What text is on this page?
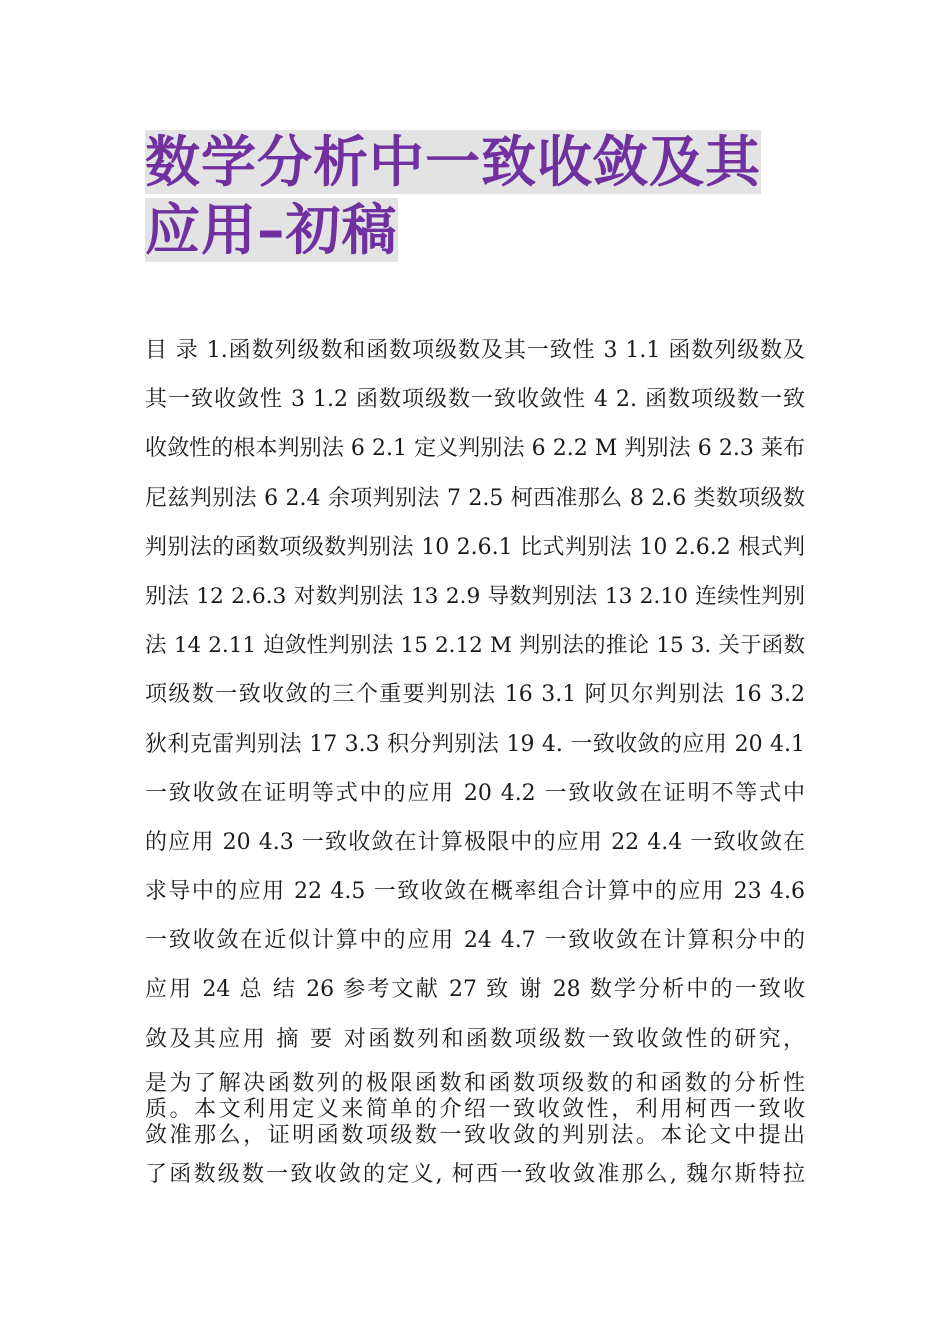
数学分析中一致收敛及其
应用–初稿
目 录 1.函数列级数和函数项级数及其一致性 3 1.1 函数列级数及
其一致收敛性 3 1.2 函数项级数一致收敛性 4 2. 函数项级数一致
收敛性的根本判别法 6 2.1 定义判别法 6 2.2 M 判别法 6 2.3 莱布
尼兹判别法 6 2.4 余项判别法 7 2.5 柯西准那么 8 2.6 类数项级数
判别法的函数项级数判别法 10 2.6.1 比式判别法 10 2.6.2 根式判
别法 12 2.6.3 对数判别法 13 2.9 导数判别法 13 2.10 连续性判别
法 14 2.11 迫敛性判别法 15 2.12 M 判别法的推论 15 3. 关于函数
项级数一致收敛的三个重要判别法 16 3.1 阿贝尔判别法 16 3.2
狄利克雷判别法 17 3.3 积分判别法 19 4. 一致收敛的应用 20 4.1
一致收敛在证明等式中的应用 20 4.2 一致收敛在证明不等式中
的应用 20 4.3 一致收敛在计算极限中的应用 22 4.4 一致收敛在
求导中的应用 22 4.5 一致收敛在概率组合计算中的应用 23 4.6
一致收敛在近似计算中的应用 24 4.7 一致收敛在计算积分中的
应用 24 总 结 26 参考文献 27 致 谢 28 数学分析中的一致收
敛及其应用 摘 要 对函数列和函数项级数一致收敛性的研究，
是为了解决函数列的极限函数和函数项级数的和函数的分析性
质。本文利用定义来简单的介绍一致收敛性，利用柯西一致收
敛准那么，证明函数项级数一致收敛的判别法。本论文中提出
了函数级数一致收敛的定义, 柯西一致收敛准那么, 魏尔斯特拉
